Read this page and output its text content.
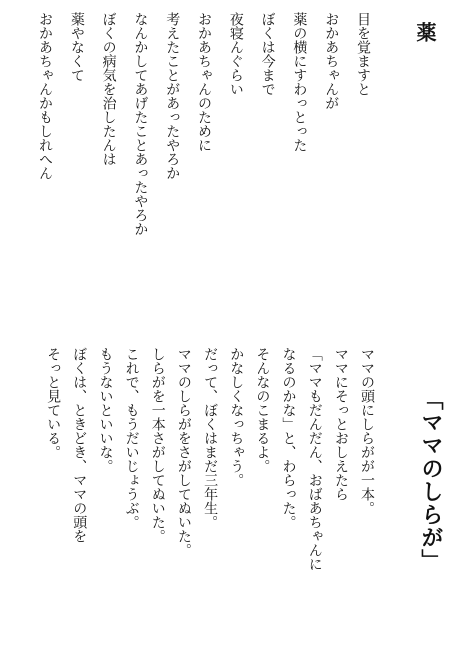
薬

目を覚ますと

おかあちゃんが

薬の横にすわっとった

ぼくは今まで

夜寝んぐらい

おかあちゃんのために

考えたことがあったやろか

なんかしてあげたことあったやろか

ぼくの病気を治したんは

薬やなくて

おかあちゃんかもしれへん

「ママのしらが」

ママの頭にしらがが一本。

ママにそっとおしえたら

「ママもだんだん、おばあちゃんに

なるのかな」と、わらった。

そんなのこまるよ。

かなしくなっちゃう。

だって、ぼくはまだ三年生。

ママのしらがをさがしてぬいた。

しらがを一本さがしてぬいた。

これで、もうだいじょうぶ。

もうないといいな。

ぼくは、ときどき、ママの頭を

そっと見ている。
